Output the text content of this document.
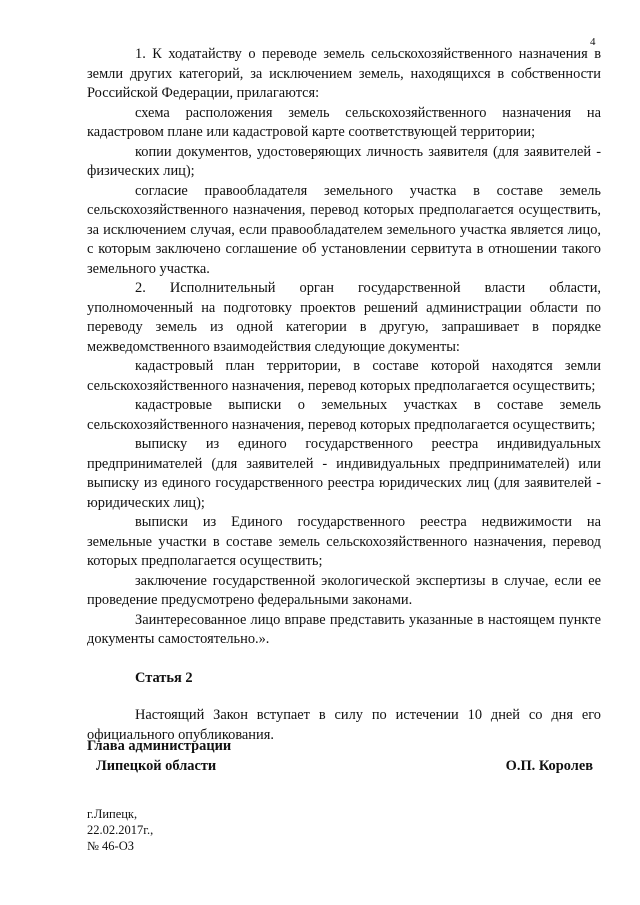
4

1. К ходатайству о переводе земель сельскохозяйственного назначения в земли других категорий, за исключением земель, находящихся в собственности Российской Федерации, прилагаются:

схема расположения земель сельскохозяйственного назначения на кадастровом плане или кадастровой карте соответствующей территории;

копии документов, удостоверяющих личность заявителя (для заявителей - физических лиц);

согласие правообладателя земельного участка в составе земель сельскохозяйственного назначения, перевод которых предполагается осуществить, за исключением случая, если правообладателем земельного участка является лицо, с которым заключено соглашение об установлении сервитута в отношении такого земельного участка.

2. Исполнительный орган государственной власти области, уполномоченный на подготовку проектов решений администрации области по переводу земель из одной категории в другую, запрашивает в порядке межведомственного взаимодействия следующие документы:

кадастровый план территории, в составе которой находятся земли сельскохозяйственного назначения, перевод которых предполагается осуществить;

кадастровые выписки о земельных участках в составе земель сельскохозяйственного назначения, перевод которых предполагается осуществить;

выписку из единого государственного реестра индивидуальных предпринимателей (для заявителей - индивидуальных предпринимателей) или выписку из единого государственного реестра юридических лиц (для заявителей - юридических лиц);

выписки из Единого государственного реестра недвижимости на земельные участки в составе земель сельскохозяйственного назначения, перевод которых предполагается осуществить;

заключение государственной экологической экспертизы в случае, если ее проведение предусмотрено федеральными законами.

Заинтересованное лицо вправе представить указанные в настоящем пункте документы самостоятельно.».

Статья 2

Настоящий Закон вступает в силу по истечении 10 дней со дня его официального опубликования.

Глава администрации
Липецкой области	О.П. Королев
г.Липецк,
22.02.2017г.,
№ 46-ОЗ
